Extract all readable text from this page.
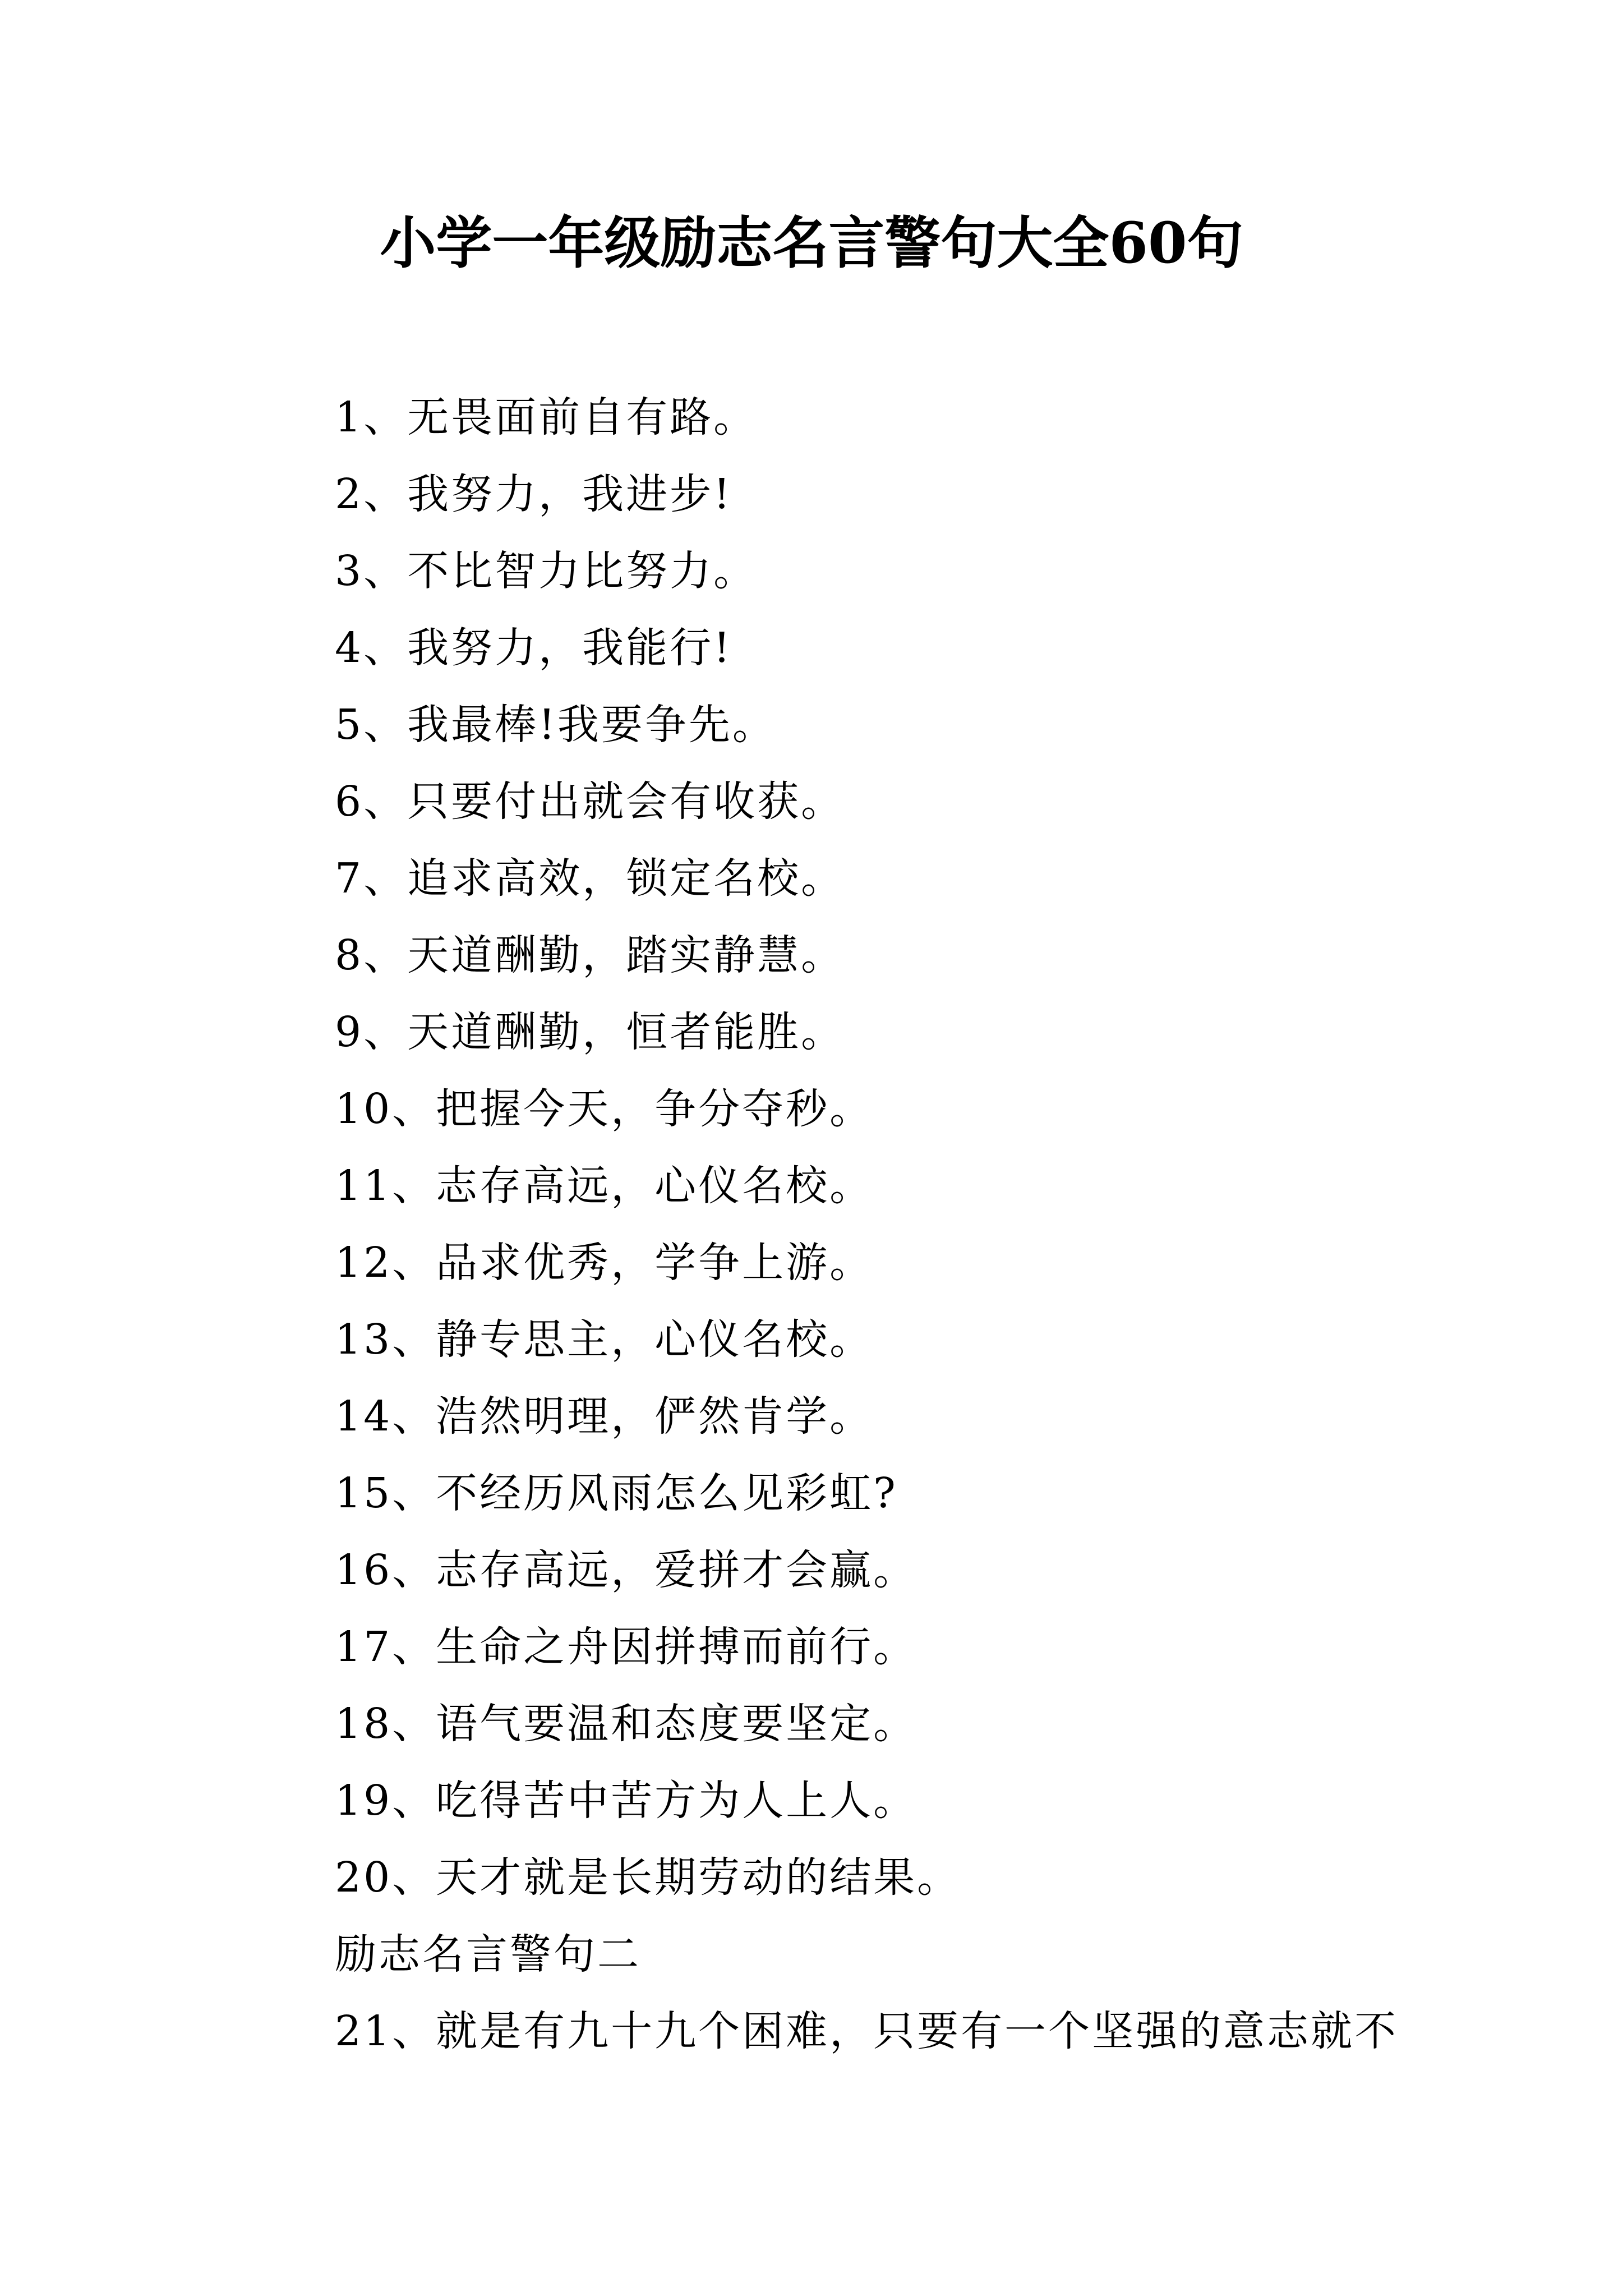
小学一年级励志名言警句大全60句
1、无畏面前自有路。
2、我努力，我进步!
3、不比智力比努力。
4、我努力，我能行!
5、我最棒!我要争先。
6、只要付出就会有收获。
7、追求高效，锁定名校。
8、天道酬勤，踏实静慧。
9、天道酬勤，恒者能胜。
10、把握今天，争分夺秒。
11、志存高远，心仪名校。
12、品求优秀，学争上游。
13、静专思主，心仪名校。
14、浩然明理，俨然肯学。
15、不经历风雨怎么见彩虹?
16、志存高远，爱拼才会赢。
17、生命之舟因拼搏而前行。
18、语气要温和态度要坚定。
19、吃得苦中苦方为人上人。
20、天才就是长期劳动的结果。
励志名言警句二
21、就是有九十九个困难，只要有一个坚强的意志就不
